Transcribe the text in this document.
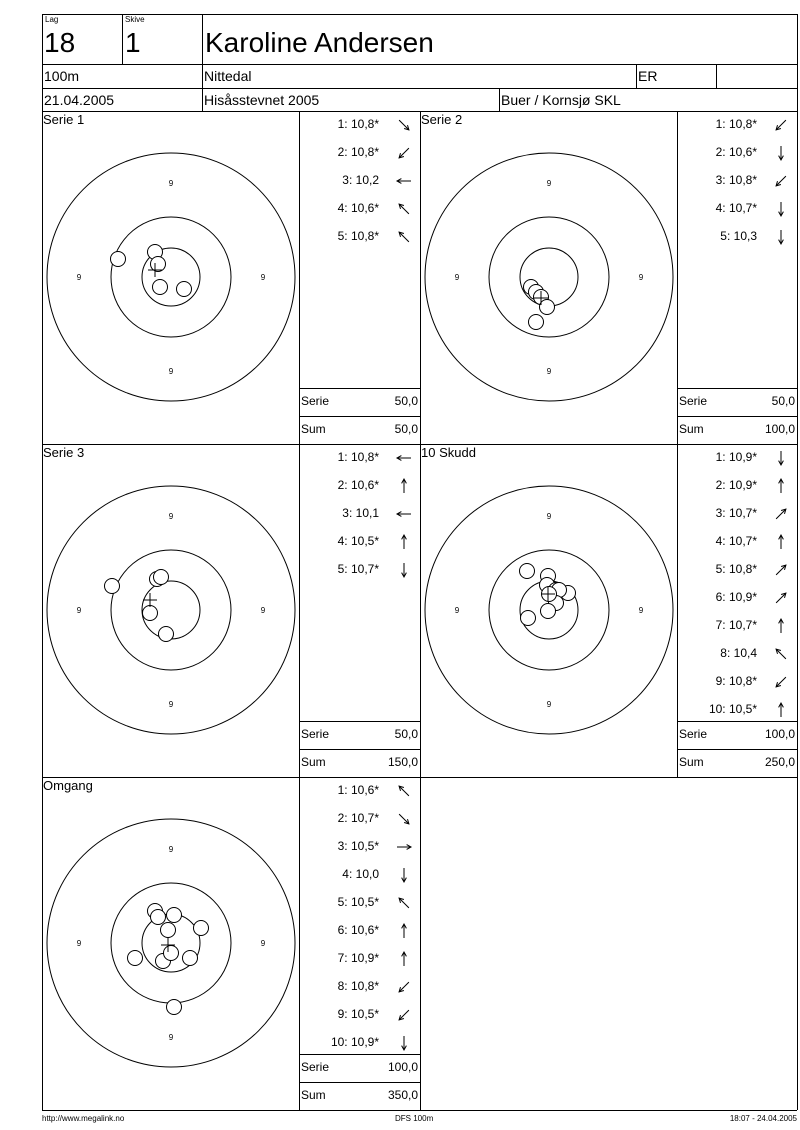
Lag
18
Skive
1 Karoline Andersen
100m	Nittedal	ER
21.04.2005	Hisåsstevnet 2005	Buer / Kornsjø SKL
http://www.megalink.no	DFS 100m	18:07 - 24.04.2005
Serie 1
9
9
9	9
1: 10,8*
2: 10,8*
3: 10,2
4: 10,6*
5: 10,8*
Serie	50,0
Sum	50,0
Serie 2
9
9
9	9
1: 10,8*
2: 10,6*
3: 10,8*
4: 10,7*
5: 10,3
Serie	50,0
Sum	100,0
Serie 3
9
9
9	9
1: 10,8*
2: 10,6*
3: 10,1
4: 10,5*
5: 10,7*
Serie	50,0
Sum	150,0
10 Skudd
9
9
9	9
1: 10,9*
2: 10,9*
3: 10,7*
4: 10,7*
5: 10,8*
6: 10,9*
7: 10,7*
8: 10,4
9: 10,8*
10: 10,5*
Serie	100,0
Sum	250,0
Omgang
9
9
9	9
1: 10,6*
2: 10,7*
3: 10,5*
4: 10,0
5: 10,5*
6: 10,6*
7: 10,9*
8: 10,8*
9: 10,5*
10: 10,9*
Serie	100,0
Sum	350,0
